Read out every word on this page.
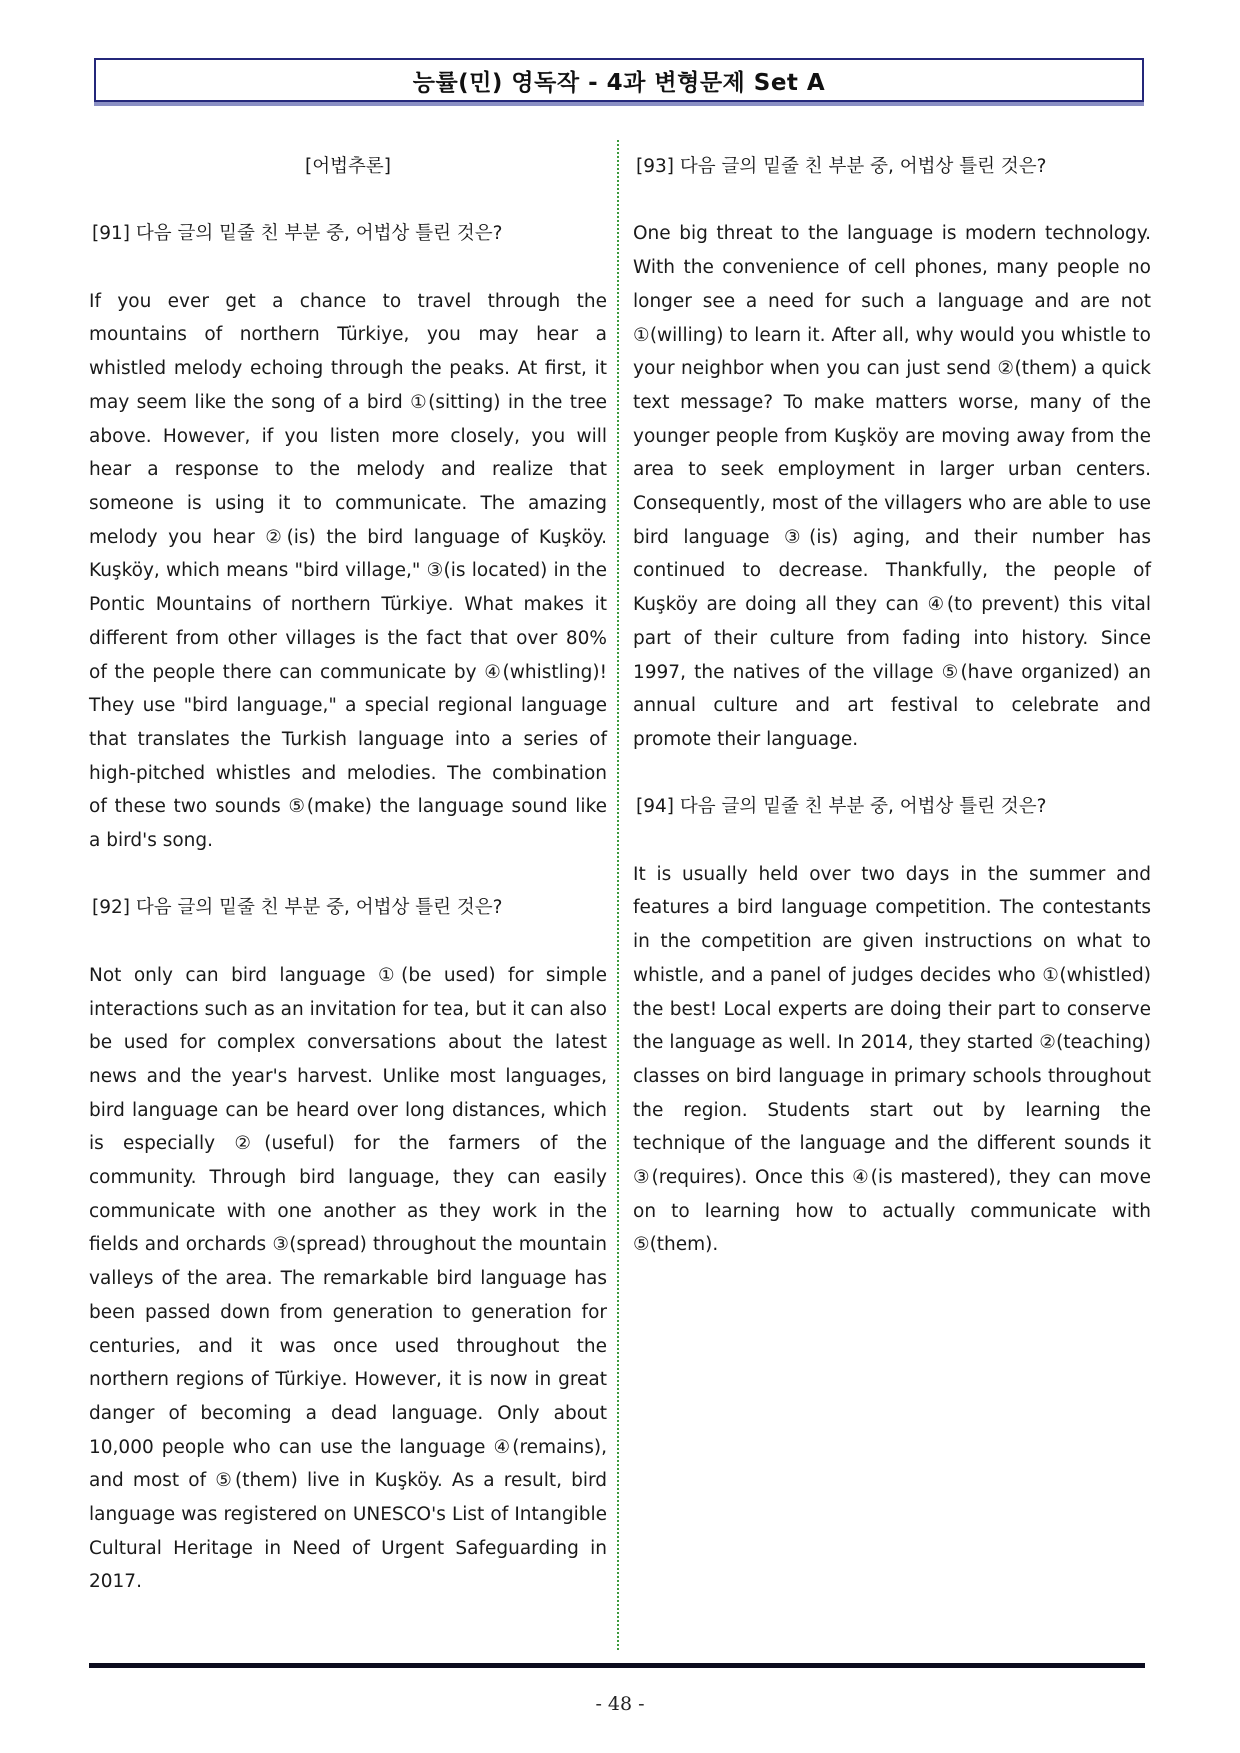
능률(민) 영독작 - 4과 변형문제 Set A
[어법추론]
[91] 다음 글의 밑줄 친 부분 중, 어법상 틀린 것은?
If you ever get a chance to travel through the mountains of northern Türkiye, you may hear a whistled melody echoing through the peaks. At first, it may seem like the song of a bird ①(sitting) in the tree above. However, if you listen more closely, you will hear a response to the melody and realize that someone is using it to communicate. The amazing melody you hear ②(is) the bird language of Kuşköy. Kuşköy, which means "bird village," ③(is located) in the Pontic Mountains of northern Türkiye. What makes it different from other villages is the fact that over 80% of the people there can communicate by ④(whistling)! They use "bird language," a special regional language that translates the Turkish language into a series of high-pitched whistles and melodies. The combination of these two sounds ⑤(make) the language sound like a bird's song.
[92] 다음 글의 밑줄 친 부분 중, 어법상 틀린 것은?
Not only can bird language ①(be used) for simple interactions such as an invitation for tea, but it can also be used for complex conversations about the latest news and the year's harvest. Unlike most languages, bird language can be heard over long distances, which is especially ②(useful) for the farmers of the community. Through bird language, they can easily communicate with one another as they work in the fields and orchards ③(spread) throughout the mountain valleys of the area. The remarkable bird language has been passed down from generation to generation for centuries, and it was once used throughout the northern regions of Türkiye. However, it is now in great danger of becoming a dead language. Only about 10,000 people who can use the language ④(remains), and most of ⑤(them) live in Kuşköy. As a result, bird language was registered on UNESCO's List of Intangible Cultural Heritage in Need of Urgent Safeguarding in 2017.
[93] 다음 글의 밑줄 친 부분 중, 어법상 틀린 것은?
One big threat to the language is modern technology. With the convenience of cell phones, many people no longer see a need for such a language and are not ①(willing) to learn it. After all, why would you whistle to your neighbor when you can just send ②(them) a quick text message? To make matters worse, many of the younger people from Kuşköy are moving away from the area to seek employment in larger urban centers. Consequently, most of the villagers who are able to use bird language ③(is) aging, and their number has continued to decrease. Thankfully, the people of Kuşköy are doing all they can ④(to prevent) this vital part of their culture from fading into history. Since 1997, the natives of the village ⑤(have organized) an annual culture and art festival to celebrate and promote their language.
[94] 다음 글의 밑줄 친 부분 중, 어법상 틀린 것은?
It is usually held over two days in the summer and features a bird language competition. The contestants in the competition are given instructions on what to whistle, and a panel of judges decides who ①(whistled) the best! Local experts are doing their part to conserve the language as well. In 2014, they started ②(teaching) classes on bird language in primary schools throughout the region. Students start out by learning the technique of the language and the different sounds it ③(requires). Once this ④(is mastered), they can move on to learning how to actually communicate with ⑤(them).
- 48 -
